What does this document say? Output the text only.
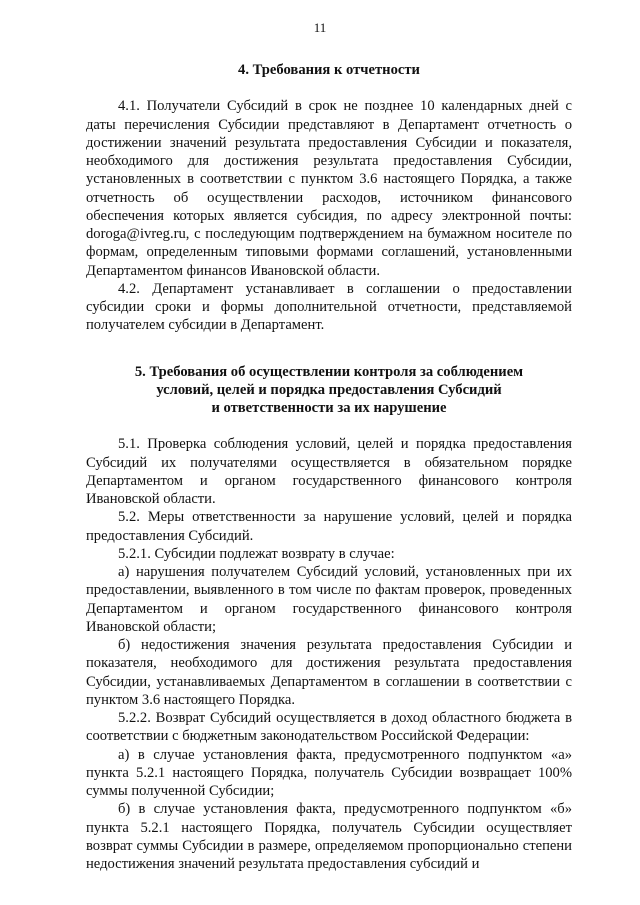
11
4. Требования к отчетности

4.1. Получатели Субсидий в срок не позднее 10 календарных дней с даты перечисления Субсидии представляют в Департамент отчетность о достижении значений результата предоставления Субсидии и показателя, необходимого для достижения результата предоставления Субсидии, установленных в соответствии с пунктом 3.6 настоящего Порядка, а также отчетность об осуществлении расходов, источником финансового обеспечения которых является субсидия, по адресу электронной почты: doroga@ivreg.ru, с последующим подтверждением на бумажном носителе по формам, определенным типовыми формами соглашений, установленными Департаментом финансов Ивановской области.

4.2. Департамент устанавливает в соглашении о предоставлении субсидии сроки и формы дополнительной отчетности, представляемой получателем субсидии в Департамент.

5. Требования об осуществлении контроля за соблюдением
условий, целей и порядка предоставления Субсидий
и ответственности за их нарушение

5.1. Проверка соблюдения условий, целей и порядка предоставления Субсидий их получателями осуществляется в обязательном порядке Департаментом и органом государственного финансового контроля Ивановской области.

5.2. Меры ответственности за нарушение условий, целей и порядка предоставления Субсидий.

5.2.1. Субсидии подлежат возврату в случае:

а) нарушения получателем Субсидий условий, установленных при их предоставлении, выявленного в том числе по фактам проверок, проведенных Департаментом и органом государственного финансового контроля Ивановской области;

б) недостижения значения результата предоставления Субсидии и показателя, необходимого для достижения результата предоставления Субсидии, устанавливаемых Департаментом в соглашении в соответствии с пунктом 3.6 настоящего Порядка.

5.2.2. Возврат Субсидий осуществляется в доход областного бюджета в соответствии с бюджетным законодательством Российской Федерации:

а) в случае установления факта, предусмотренного подпунктом «а» пункта 5.2.1 настоящего Порядка, получатель Субсидии возвращает 100% суммы полученной Субсидии;

б) в случае установления факта, предусмотренного подпунктом «б» пункта 5.2.1 настоящего Порядка, получатель Субсидии осуществляет возврат суммы Субсидии в размере, определяемом пропорционально степени недостижения значений результата предоставления субсидий и
